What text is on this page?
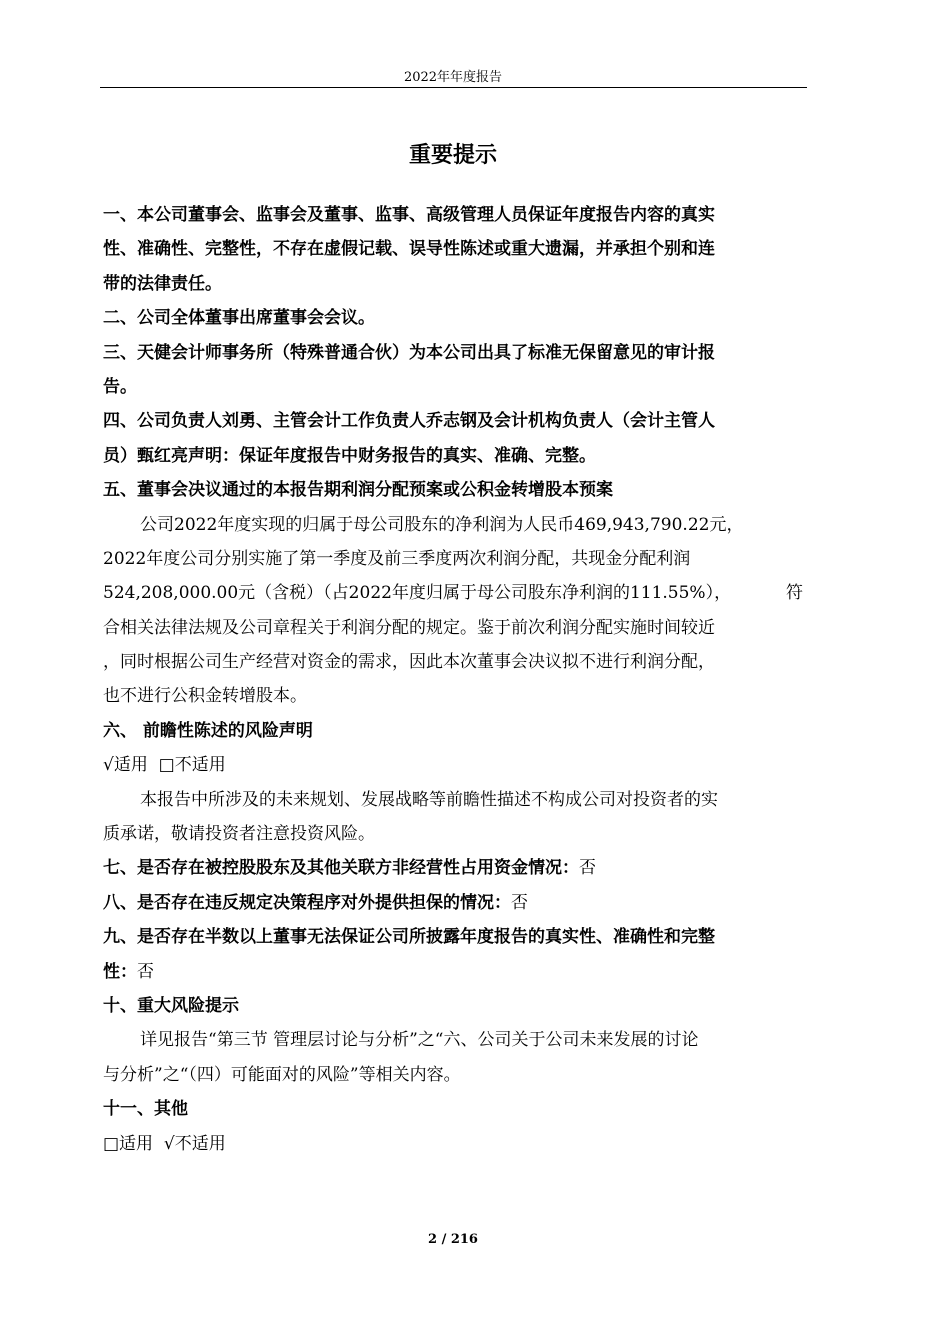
2022年年度报告
重要提示
一、本公司董事会、监事会及董事、监事、高级管理人员保证年度报告内容的真实
性、准确性、完整性，不存在虚假记载、误导性陈述或重大遗漏，并承担个别和连
带的法律责任。
二、公司全体董事出席董事会会议。
三、天健会计师事务所（特殊普通合伙）为本公司出具了标准无保留意见的审计报
告。
四、公司负责人刘勇、主管会计工作负责人乔志钢及会计机构负责人（会计主管人
员）甄红亮声明：保证年度报告中财务报告的真实、准确、完整。
五、董事会决议通过的本报告期利润分配预案或公积金转增股本预案
公司2022年度实现的归属于母公司股东的净利润为人民币469,943,790.22元，
2022年度公司分别实施了第一季度及前三季度两次利润分配，共现金分配利润
524,208,000.00元（含税）（占2022年度归属于母公司股东净利润的111.55%），	符
合相关法律法规及公司章程关于利润分配的规定。鉴于前次利润分配实施时间较近
，同时根据公司生产经营对资金的需求，因此本次董事会决议拟不进行利润分配，
也不进行公积金转增股本。
六、 前瞻性陈述的风险声明
√适用  □不适用
本报告中所涉及的未来规划、发展战略等前瞻性描述不构成公司对投资者的实
质承诺，敬请投资者注意投资风险。
七、是否存在被控股股东及其他关联方非经营性占用资金情况：否
八、是否存在违反规定决策程序对外提供担保的情况：否
九、是否存在半数以上董事无法保证公司所披露年度报告的真实性、准确性和完整
性：否
十、重大风险提示
详见报告“第三节 管理层讨论与分析”之“六、公司关于公司未来发展的讨论
与分析”之“（四）可能面对的风险”等相关内容。
十一、其他
□适用  √不适用
2 / 216
